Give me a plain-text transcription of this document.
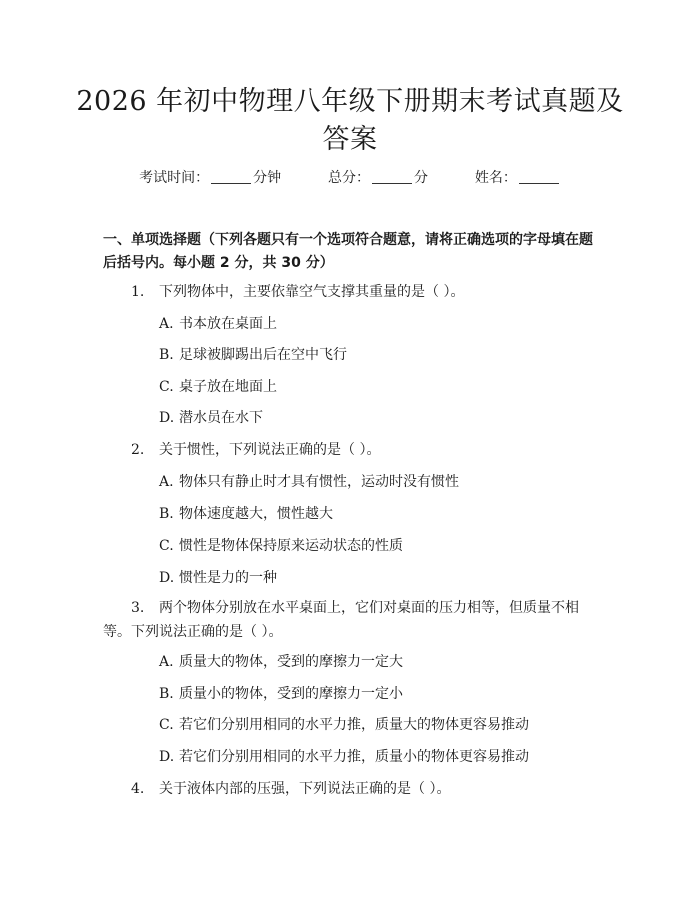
2026 年初中物理八年级下册期末考试真题及
答案
考试时间：	分钟	总分：	分	姓名：
一、单项选择题（下列各题只有一个选项符合题意，请将正确选项的字母填在题
后括号内。每小题 2 分，共 30 分）
1. 下列物体中，主要依靠空气支撑其重量的是（ ）。
A. 书本放在桌面上
B. 足球被脚踢出后在空中飞行
C. 桌子放在地面上
D. 潜水员在水下
2. 关于惯性，下列说法正确的是（ ）。
A. 物体只有静止时才具有惯性，运动时没有惯性
B. 物体速度越大，惯性越大
C. 惯性是物体保持原来运动状态的性质
D. 惯性是力的一种
3. 两个物体分别放在水平桌面上，它们对桌面的压力相等，但质量不相等。下列说法正确的是（ ）。
A. 质量大的物体，受到的摩擦力一定大
B. 质量小的物体，受到的摩擦力一定小
C. 若它们分别用相同的水平力推，质量大的物体更容易推动
D. 若它们分别用相同的水平力推，质量小的物体更容易推动
4. 关于液体内部的压强，下列说法正确的是（ ）。
